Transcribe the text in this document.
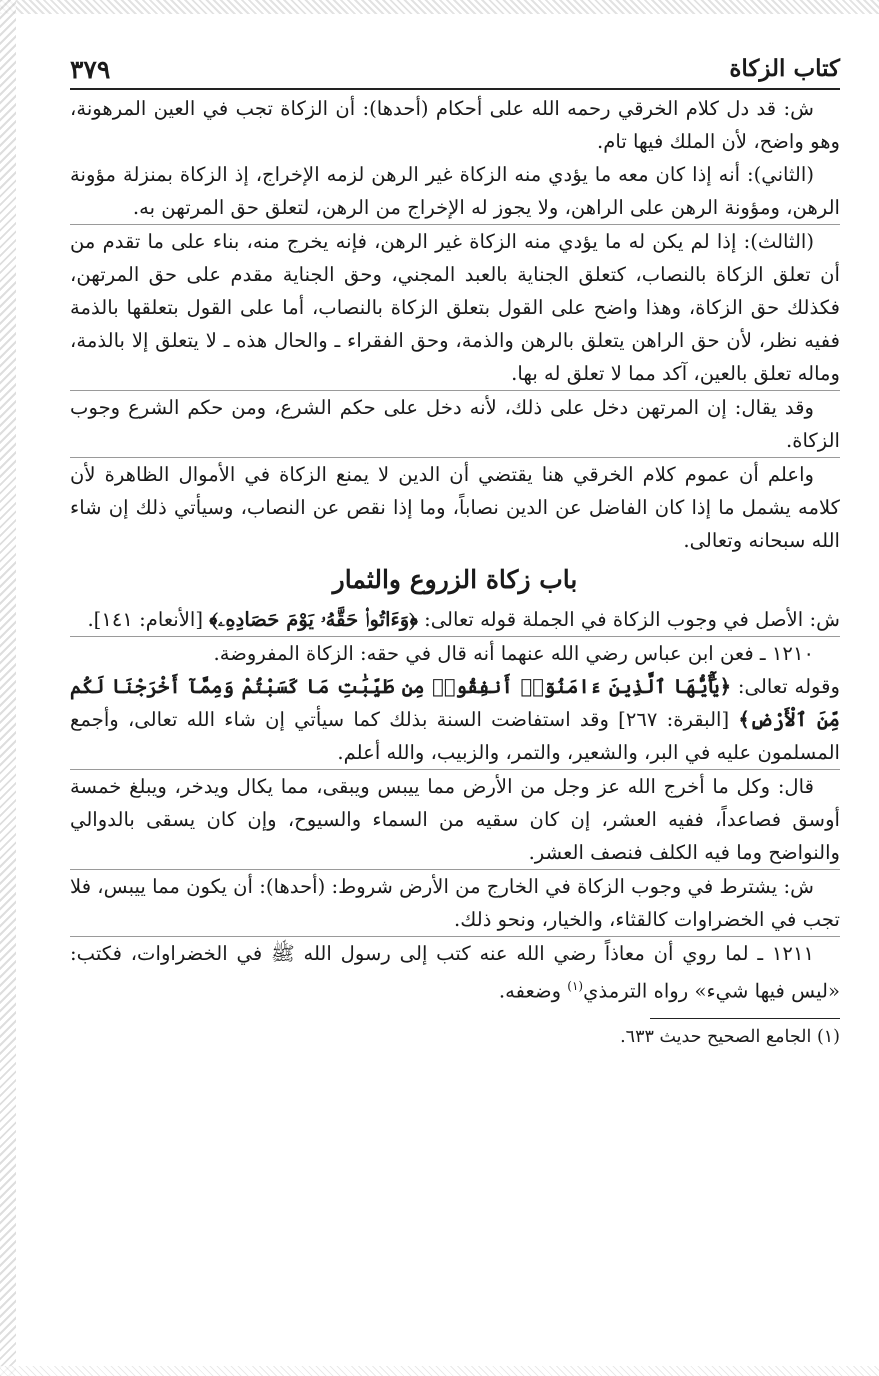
كتاب الزكاة
٣٧٩

ش: قد دل كلام الخرقي رحمه الله على أحكام (أحدها): أن الزكاة تجب في العين المرهونة، وهو واضح، لأن الملك فيها تام.

(الثاني): أنه إذا كان معه ما يؤدي منه الزكاة غير الرهن لزمه الإخراج، إذ الزكاة بمنزلة مؤونة الرهن، ومؤونة الرهن على الراهن، ولا يجوز له الإخراج من الرهن، لتعلق حق المرتهن به.

(الثالث): إذا لم يكن له ما يؤدي منه الزكاة غير الرهن، فإنه يخرج منه، بناء على ما تقدم من أن تعلق الزكاة بالنصاب، كتعلق الجناية بالعبد المجني، وحق الجناية مقدم على حق المرتهن، فكذلك حق الزكاة، وهذا واضح على القول بتعلق الزكاة بالنصاب، أما على القول بتعلقها بالذمة ففيه نظر، لأن حق الراهن يتعلق بالرهن والذمة، وحق الفقراء ـ والحال هذه ـ لا يتعلق إلا بالذمة، وماله تعلق بالعين، آكد مما لا تعلق له بها.

وقد يقال: إن المرتهن دخل على ذلك، لأنه دخل على حكم الشرع، ومن حكم الشرع وجوب الزكاة.

واعلم أن عموم كلام الخرقي هنا يقتضي أن الدين لا يمنع الزكاة في الأموال الظاهرة لأن كلامه يشمل ما إذا كان الفاضل عن الدين نصاباً، وما إذا نقص عن النصاب، وسيأتي ذلك إن شاء الله سبحانه وتعالى.

باب زكاة الزروع والثمار

ش: الأصل في وجوب الزكاة في الجملة قوله تعالى: ﴿وَءَاتُوا۟ حَقَّهُۥ يَوْمَ حَصَادِهِۦ﴾ [الأنعام: ١٤١].

١٢١٠ ـ فعن ابن عباس رضي الله عنهما أنه قال في حقه: الزكاة المفروضة.

وقوله تعالى: ﴿يَٰٓأَيُّهَا ٱلَّذِينَ ءَامَنُوٓا۟ أَنفِقُوا۟ مِن طَيِّبَٰتِ مَا كَسَبْتُمْ وَمِمَّآ أَخْرَجْنَا لَكُم مِّنَ ٱلْأَرْضِ﴾ [البقرة: ٢٦٧] وقد استفاضت السنة بذلك كما سيأتي إن شاء الله تعالى، وأجمع المسلمون عليه في البر، والشعير، والتمر، والزبيب، والله أعلم.

قال: وكل ما أخرج الله عز وجل من الأرض مما ييبس ويبقى، مما يكال ويدخر، ويبلغ خمسة أوسق فصاعداً، ففيه العشر، إن كان سقيه من السماء والسيوح، وإن كان يسقى بالدوالي والنواضح وما فيه الكلف فنصف العشر.

ش: يشترط في وجوب الزكاة في الخارج من الأرض شروط: (أحدها): أن يكون مما ييبس، فلا تجب في الخضراوات كالقثاء، والخيار، ونحو ذلك.

١٢١١ ـ لما روي أن معاذاً رضي الله عنه كتب إلى رسول الله ﷺ في الخضراوات، فكتب: «ليس فيها شيء» رواه الترمذي$^{(١)}$ وضعفه.

(١) الجامع الصحيح حديث ٦٣٣.
